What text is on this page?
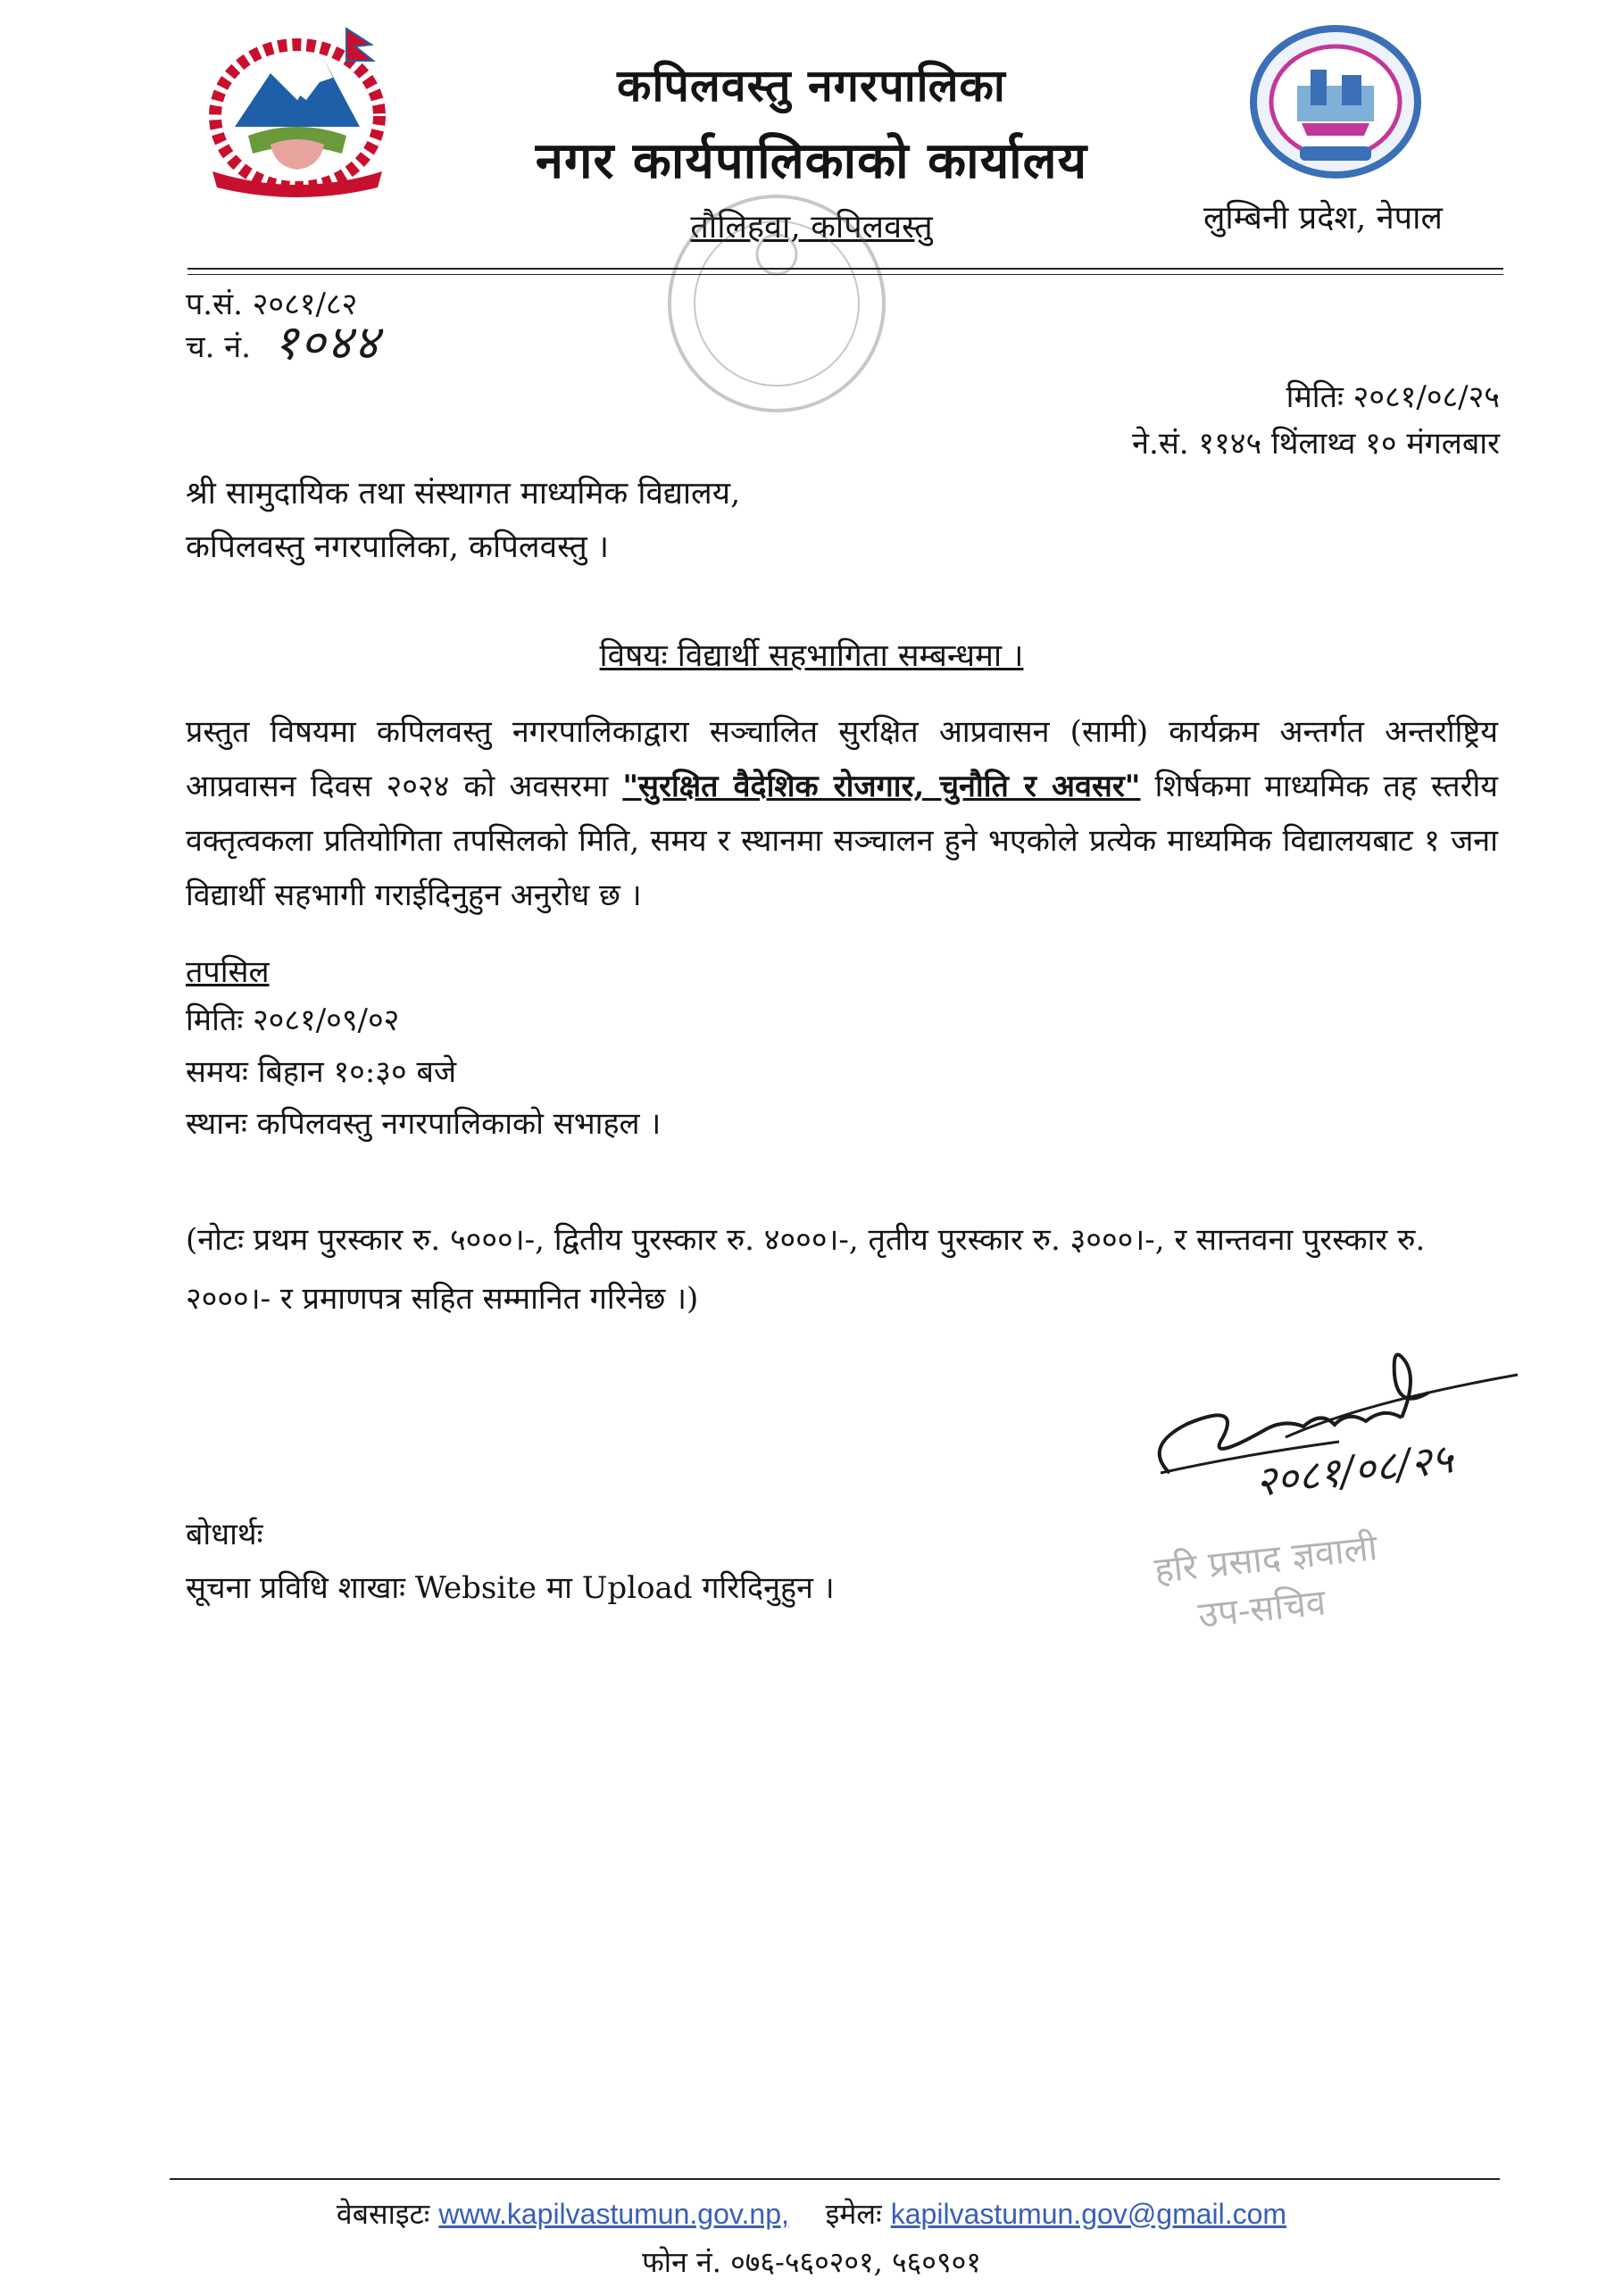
कपिलवस्तु नगरपालिका
नगर कार्यपालिकाको कार्यालय
तौलिहवा, कपिलवस्तु	लुम्बिनी प्रदेश, नेपाल
प.सं. २०८१/८२
च. नं. १०४४
मितिः २०८१/०८/२५
ने.सं. ११४५ थिंलाथ्व १० मंगलबार
श्री सामुदायिक तथा संस्थागत माध्यमिक विद्यालय,
कपिलवस्तु नगरपालिका, कपिलवस्तु ।
विषयः विद्यार्थी सहभागिता सम्बन्धमा ।
प्रस्तुत विषयमा कपिलवस्तु नगरपालिकाद्वारा सञ्चालित सुरक्षित आप्रवासन (सामी) कार्यक्रम अन्तर्गत अन्तर्राष्ट्रिय आप्रवासन दिवस २०२४ को अवसरमा "सुरक्षित वैदेशिक रोजगार, चुनौति र अवसर" शिर्षकमा माध्यमिक तह स्तरीय वक्तृत्वकला प्रतियोगिता तपसिलको मिति, समय र स्थानमा सञ्चालन हुने भएकोले प्रत्येक माध्यमिक विद्यालयबाट १ जना विद्यार्थी सहभागी गराईदिनुहुन अनुरोध छ ।
तपसिल
मितिः २०८१/०९/०२
समयः बिहान १०:३० बजे
स्थानः कपिलवस्तु नगरपालिकाको सभाहल ।
(नोटः प्रथम पुरस्कार रु. ५०००।-, द्वितीय पुरस्कार रु. ४०००।-, तृतीय पुरस्कार रु. ३०००।-, र सान्तवना पुरस्कार रु. २०००।- र प्रमाणपत्र सहित सम्मानित गरिनेछ ।)
२०८१/०८/२५
हरि प्रसाद ज्ञवाली
उप-सचिव
बोधार्थः
सूचना प्रविधि शाखाः Website मा Upload गरिदिनुहुन ।
वेबसाइटः www.kapilvastumun.gov.np, इमेलः kapilvastumun.gov@gmail.com
फोन नं. ०७६-५६०२०१, ५६०९०१
